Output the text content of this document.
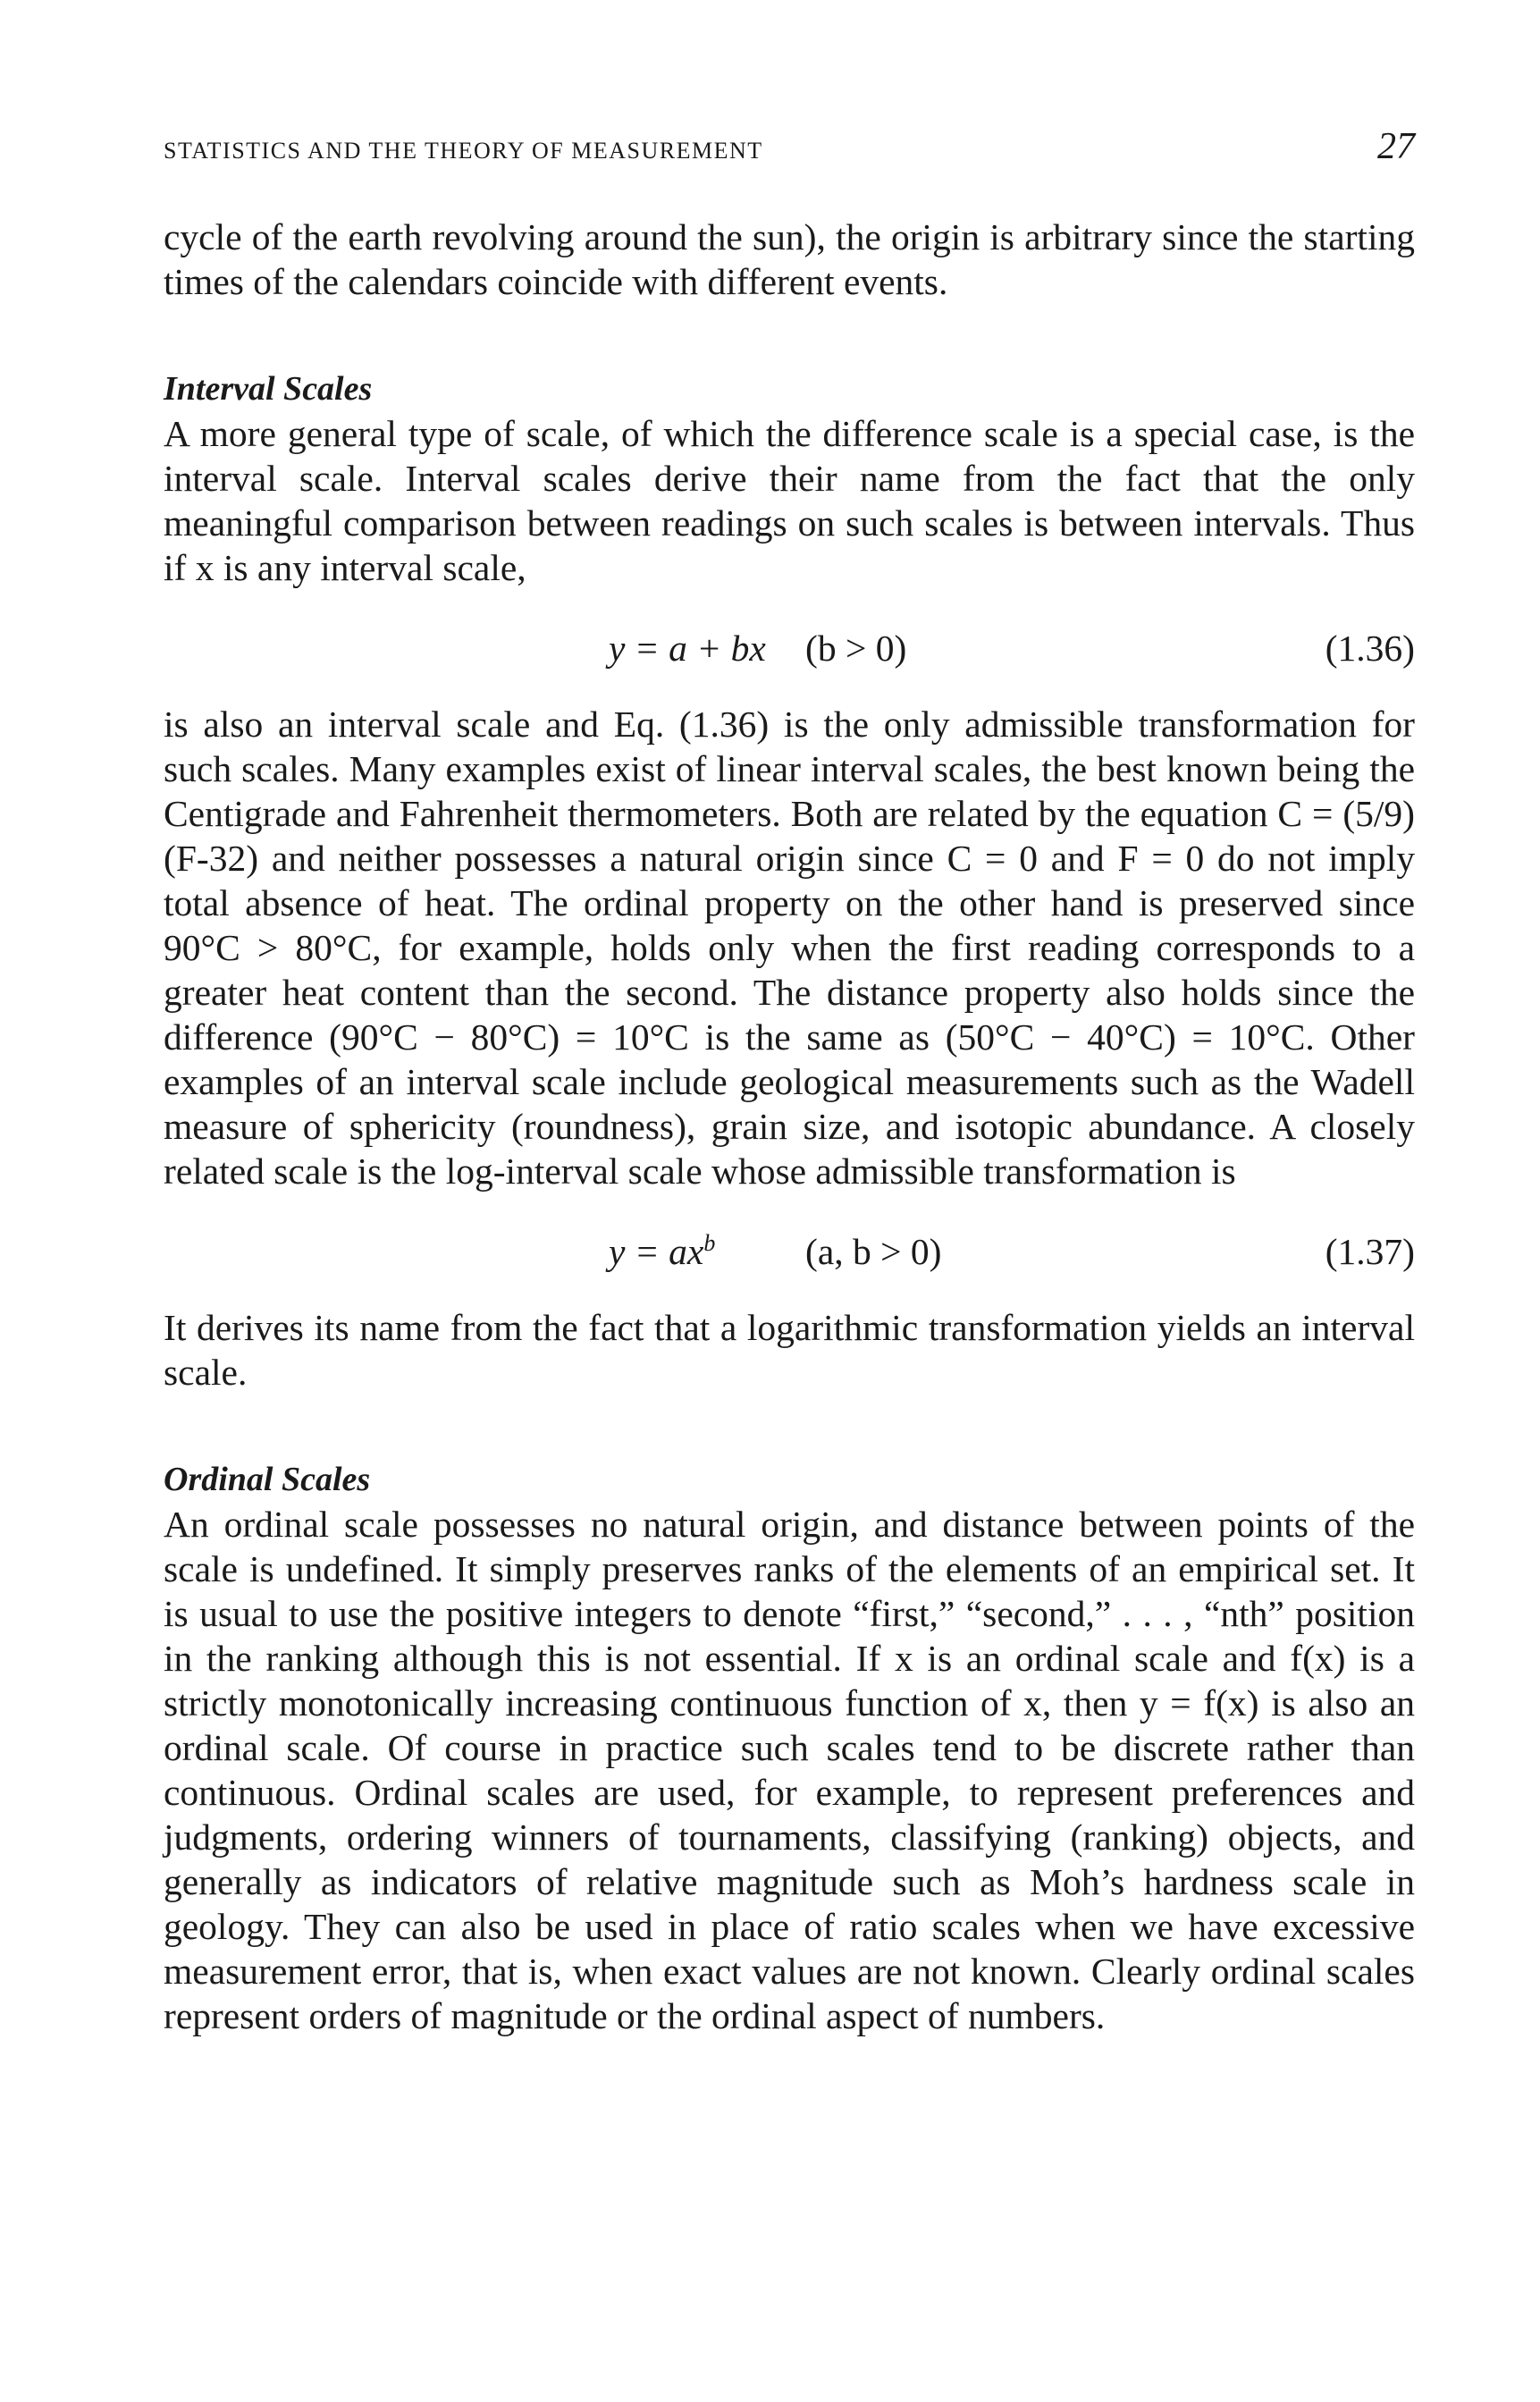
STATISTICS AND THE THEORY OF MEASUREMENT	27

cycle of the earth revolving around the sun), the origin is arbitrary since the starting times of the calendars coincide with different events.

Interval Scales

A more general type of scale, of which the difference scale is a special case, is the interval scale. Interval scales derive their name from the fact that the only meaningful comparison between readings on such scales is between intervals. Thus if x is any interval scale,

y = a + bx (b > 0)	(1.36)

is also an interval scale and Eq. (1.36) is the only admissible transformation for such scales. Many examples exist of linear interval scales, the best known being the Centigrade and Fahrenheit thermometers. Both are related by the equation C = (5/9)(F-32) and neither possesses a natural origin since C = 0 and F = 0 do not imply total absence of heat. The ordinal property on the other hand is preserved since 90°C > 80°C, for example, holds only when the first reading corresponds to a greater heat content than the second. The distance property also holds since the difference (90°C − 80°C) = 10°C is the same as (50°C − 40°C) = 10°C. Other examples of an interval scale include geological measurements such as the Wadell measure of sphericity (roundness), grain size, and isotopic abundance. A closely related scale is the log-interval scale whose admissible transformation is

$y = ax^b$ (a, b > 0)	(1.37)

It derives its name from the fact that a logarithmic transformation yields an interval scale.

Ordinal Scales

An ordinal scale possesses no natural origin, and distance between points of the scale is undefined. It simply preserves ranks of the elements of an empirical set. It is usual to use the positive integers to denote “first,” “second,” . . . , “nth” position in the ranking although this is not essential. If x is an ordinal scale and f(x) is a strictly monotonically increasing continuous function of x, then y = f(x) is also an ordinal scale. Of course in practice such scales tend to be discrete rather than continuous. Ordinal scales are used, for example, to represent preferences and judgments, ordering winners of tournaments, classifying (ranking) objects, and generally as indicators of relative magnitude such as Moh’s hardness scale in geology. They can also be used in place of ratio scales when we have excessive measurement error, that is, when exact values are not known. Clearly ordinal scales represent orders of magnitude or the ordinal aspect of numbers.
